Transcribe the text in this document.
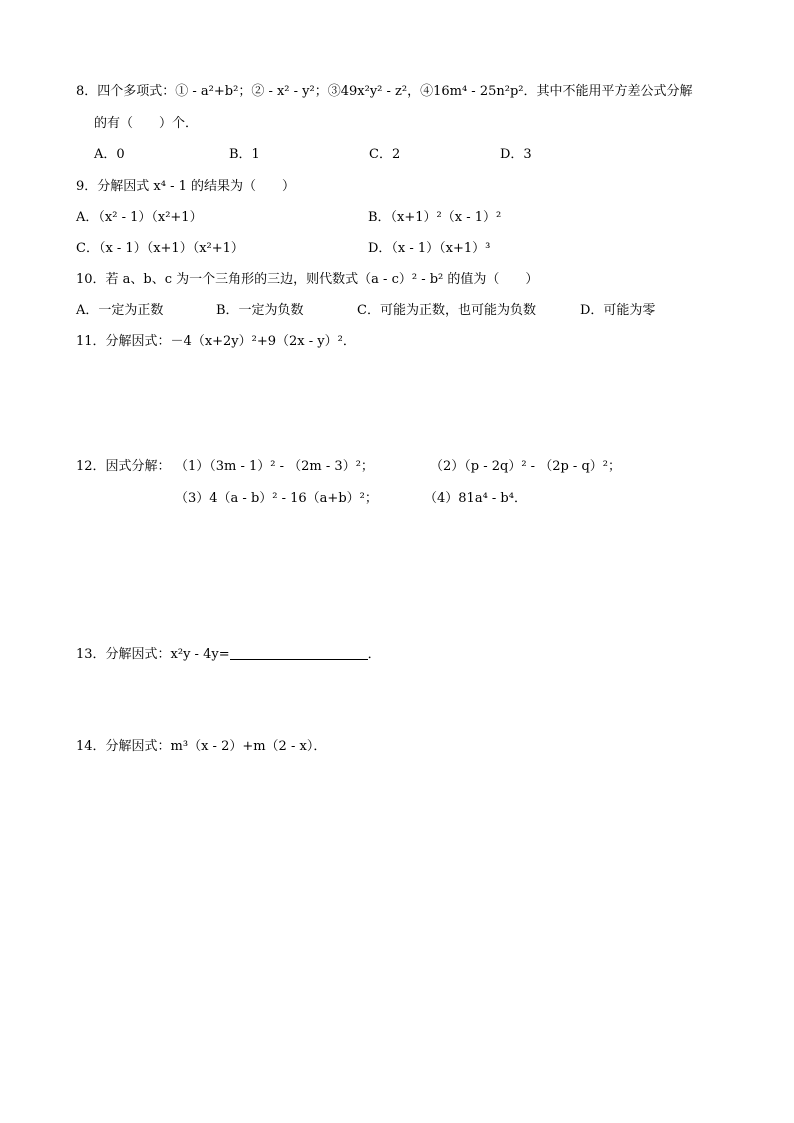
8．四个多项式：① - a²+b²；② - x² - y²；③49x²y² - z²，④16m⁴ - 25n²p²．其中不能用平方差公式分解
的有（　　）个．
A．0	B．1	C．2	D．3
9．分解因式 x⁴ - 1 的结果为（　　）
A．（x² - 1）（x²+1）	B．（x+1）²（x - 1）²
C．（x - 1）（x+1）（x²+1）	D．（x - 1）（x+1）³
10．若 a、b、c 为一个三角形的三边，则代数式（a - c）² - b² 的值为（　　）
A．一定为正数	B．一定为负数	C．可能为正数，也可能为负数	D．可能为零
11．分解因式：－4（x+2y）²+9（2x - y）²．
12．因式分解： （1）（3m - 1）² - （2m - 3）²；	（2）（p - 2q）² - （2p - q）²；
（3）4（a - b）² - 16（a+b）²；	（4）81a⁴ - b⁴．
13．分解因式：x²y - 4y=	．
14．分解因式：m³（x - 2）+m（2 - x）．
